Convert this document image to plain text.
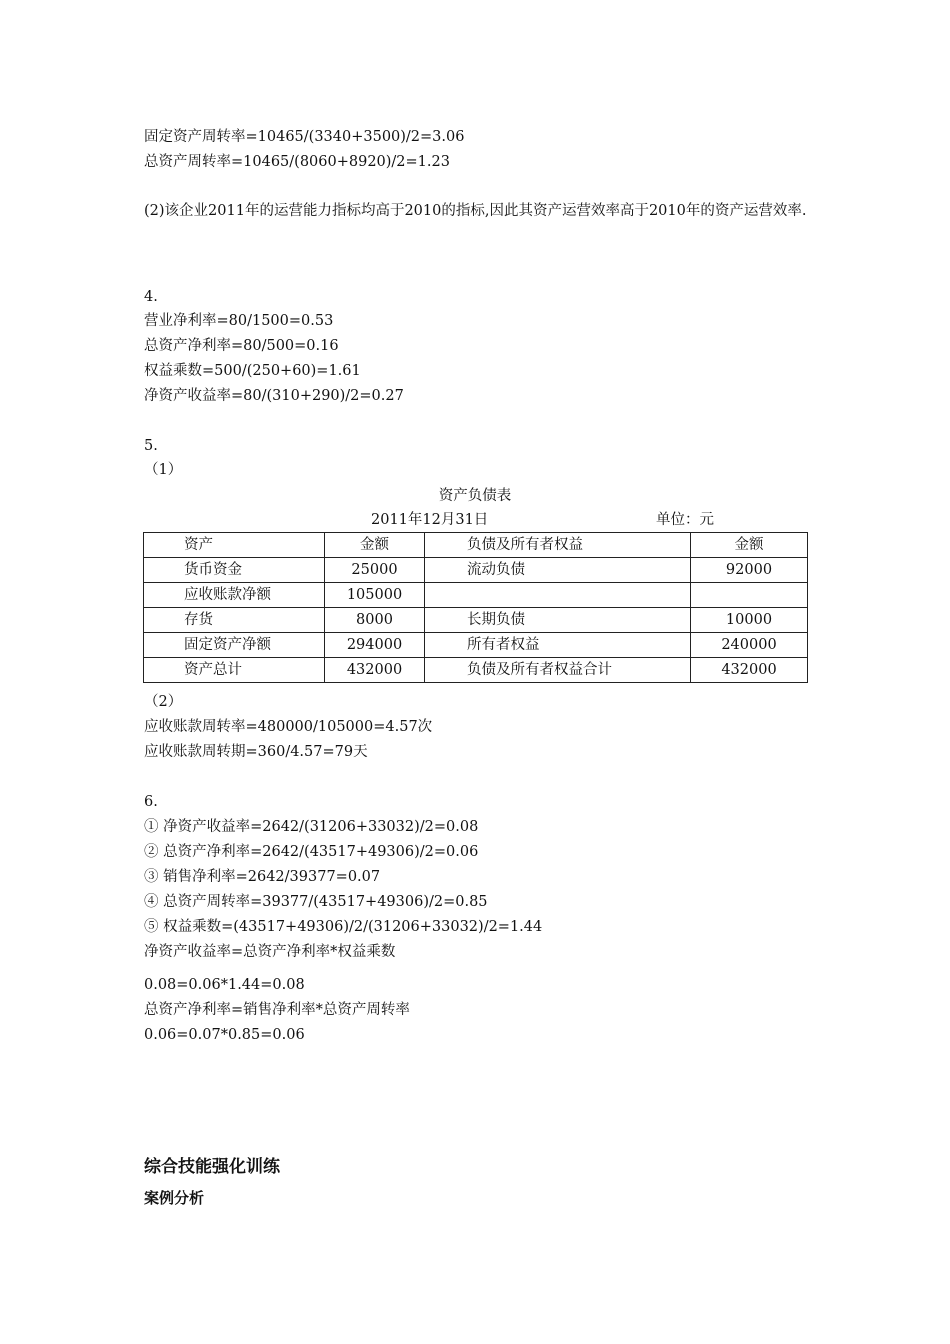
固定资产周转率=10465/(3340+3500)/2=3.06
总资产周转率=10465/(8060+8920)/2=1.23
(2)该企业2011年的运营能力指标均高于2010的指标,因此其资产运营效率高于2010年的资产运营效率.
4.
营业净利率=80/1500=0.53
总资产净利率=80/500=0.16
权益乘数=500/(250+60)=1.61
净资产收益率=80/(310+290)/2=0.27
5.
（1）
资产负债表
2011年12月31日	单位：元
资产	金额	负债及所有者权益	金额
货币资金	25000	流动负债	92000
应收账款净额	105000		
存货	8000	长期负债	10000
固定资产净额	294000	所有者权益	240000
资产总计	432000	负债及所有者权益合计	432000
（2）
应收账款周转率=480000/105000=4.57次
应收账款周转期=360/4.57=79天
6.
① 净资产收益率=2642/(31206+33032)/2=0.08
② 总资产净利率=2642/(43517+49306)/2=0.06
③ 销售净利率=2642/39377=0.07
④ 总资产周转率=39377/(43517+49306)/2=0.85
⑤ 权益乘数=(43517+49306)/2/(31206+33032)/2=1.44
净资产收益率=总资产净利率*权益乘数
0.08=0.06*1.44=0.08
总资产净利率=销售净利率*总资产周转率
0.06=0.07*0.85=0.06
综合技能强化训练
案例分析
